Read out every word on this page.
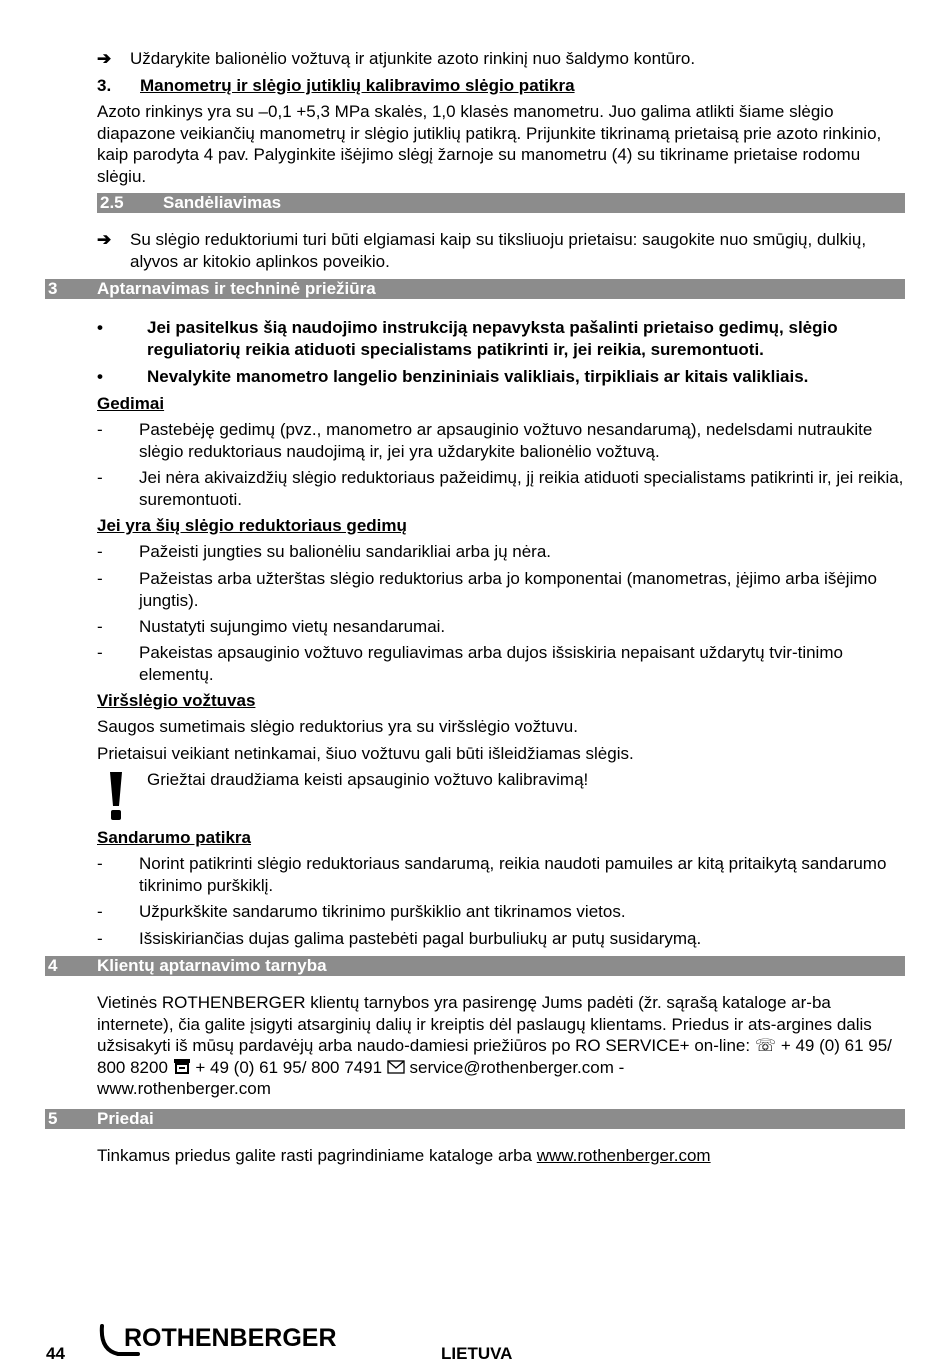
➔	Uždarykite balionėlio vožtuvą ir atjunkite azoto rinkinį nuo šaldymo kontūro.

3. Manometrų ir slėgio jutiklių kalibravimo slėgio patikra

Azoto rinkinys yra su –0,1 +5,3 MPa skalės, 1,0 klasės manometru. Juo galima atlikti šiame slėgio diapazone veikiančių manometrų ir slėgio jutiklių patikrą. Prijunkite tikrinamą prietaisą prie azoto rinkinio, kaip parodyta 4 pav. Palyginkite išėjimo slėgį žarnoje su manometru (4) su tikriname prietaise rodomu slėgiu.

2.5 Sandėliavimas
➔	Su slėgio reduktoriumi turi būti elgiamasi kaip su tiksliuoju prietaisu: saugokite nuo smūgių, dulkių, alyvos ar kitokio aplinkos poveikio.

3 Aptarnavimas ir techninė priežiūra
•	Jei pasitelkus šią naudojimo instrukciją nepavyksta pašalinti prietaiso gedimų, slėgio reguliatorių reikia atiduoti specialistams patikrinti ir, jei reikia, suremontuoti.

•	Nevalykite manometro langelio benzininiais valikliais, tirpikliais ar kitais valikliais.

Gedimai
- Pastebėję gedimų (pvz., manometro ar apsauginio vožtuvo nesandarumą), nedelsdami nutraukite slėgio reduktoriaus naudojimą ir, jei yra uždarykite balionėlio vožtuvą.

- Jei nėra akivaizdžių slėgio reduktoriaus pažeidimų, jį reikia atiduoti specialistams patikrinti ir, jei reikia, suremontuoti.

Jei yra šių slėgio reduktoriaus gedimų
- Pažeisti jungties su balionėliu sandarikliai arba jų nėra.

- Pažeistas arba užterštas slėgio reduktorius arba jo komponentai (manometras, įėjimo arba išėjimo jungtis).

- Nustatyti sujungimo vietų nesandarumai.

- Pakeistas apsauginio vožtuvo reguliavimas arba dujos išsiskiria nepaisant uždarytų tvir-tinimo elementų.

Viršslėgio vožtuvas

Saugos sumetimais slėgio reduktorius yra su viršslėgio vožtuvu.

Prietaisui veikiant netinkamai, šiuo vožtuvu gali būti išleidžiamas slėgis.

Griežtai draudžiama keisti apsauginio vožtuvo kalibravimą!

Sandarumo patikra
- Norint patikrinti slėgio reduktoriaus sandarumą, reikia naudoti pamuiles ar kitą pritaikytą sandarumo tikrinimo purškiklį.

- Užpurkškite sandarumo tikrinimo purškiklio ant tikrinamos vietos.

- Išsiskiriančias dujas galima pastebėti pagal burbuliukų ar putų susidarymą.

4 Klientų aptarnavimo tarnyba
Vietinės ROTHENBERGER klientų tarnybos yra pasirengę Jums padėti (žr. sąrašą kataloge ar-ba internete), čia galite įsigyti atsarginių dalių ir kreiptis dėl paslaugų klientams. Priedus ir ats-argines dalis užsisakyti iš mūsų pardavėjų arba naudo-damiesi priežiūros po RO SERVICE+ on-line: ☏ + 49 (0) 61 95/ 800 8200 + 49 (0) 61 95/ 800 7491 service@rothenberger.com -
www.rothenberger.com
5 Priedai

Tinkamus priedus galite rasti pagrindiniame kataloge arba www.rothenberger.com

44
ROTHENBERGER
LIETUVA
